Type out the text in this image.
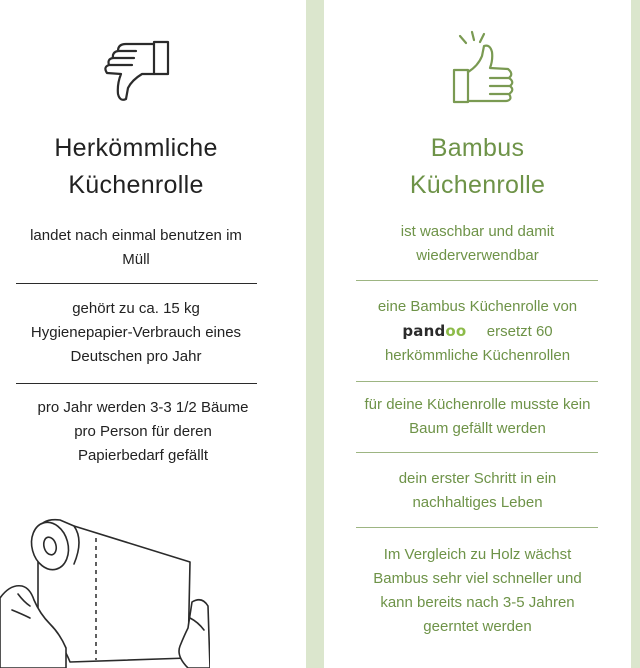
Herkömmliche
Küchenrolle
landet nach einmal benutzen im
Müll
gehört zu ca. 15 kg
Hygienepapier-Verbrauch eines
Deutschen pro Jahr
pro Jahr werden 3-3 1/2 Bäume
pro Person für deren
Papierbedarf gefällt
Bambus
Küchenrolle
ist waschbar und damit
wiederverwendbar
eine Bambus Küchenrolle von
pandoo ersetzt 60
herkömmliche Küchenrollen
für deine Küchenrolle musste kein
Baum gefällt werden
dein erster Schritt in ein
nachhaltiges Leben
Im Vergleich zu Holz wächst
Bambus sehr viel schneller und
kann bereits nach 3-5 Jahren
geerntet werden
